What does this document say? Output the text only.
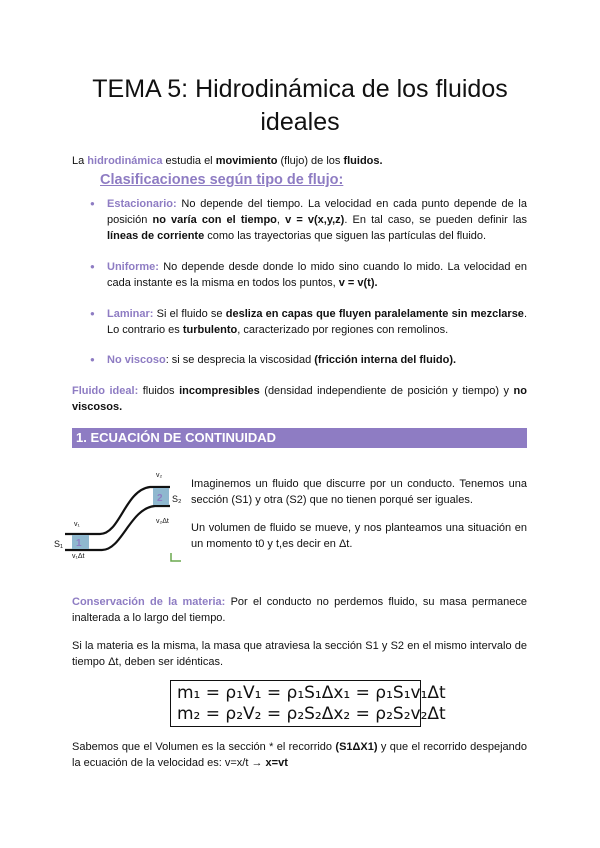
TEMA 5: Hidrodinámica de los fluidos
ideales
La hidrodinámica estudia el movimiento (flujo) de los fluidos.
Clasificaciones según tipo de flujo:
● Estacionario: No depende del tiempo. La velocidad en cada punto depende de la posición no varía con el tiempo, v = v(x,y,z). En tal caso, se pueden definir las líneas de corriente como las trayectorias que siguen las partículas del fluido.
● Uniforme: No depende desde donde lo mido sino cuando lo mido. La velocidad en cada instante es la misma en todos los puntos, v = v(t).
● Laminar: Si el fluido se desliza en capas que fluyen paralelamente sin mezclarse. Lo contrario es turbulento, caracterizado por regiones con remolinos.
● No viscoso: si se desprecia la viscosidad (fricción interna del fluido).
Fluido ideal: fluidos incompresibles (densidad independiente de posición y tiempo) y no viscosos.
1. ECUACIÓN DE CONTINUIDAD
1
2
v₂
S₂
v₂Δt
v₁
S₁
v₁Δt
Imaginemos un fluido que discurre por un conducto. Tenemos una sección (S1) y otra (S2) que no tienen porqué ser iguales.
Un volumen de fluido se mueve, y nos planteamos una situación en un momento t0 y t,es decir en Δt.
Conservación de la materia: Por el conducto no perdemos fluido, su masa permanece inalterada a lo largo del tiempo.
Si la materia es la misma, la masa que atraviesa la sección S1 y S2 en el mismo intervalo de tiempo Δt, deben ser idénticas.
m₁ = ρ₁V₁ = ρ₁S₁Δx₁ = ρ₁S₁v₁Δt
m₂ = ρ₂V₂ = ρ₂S₂Δx₂ = ρ₂S₂v₂Δt
Sabemos que el Volumen es la sección * el recorrido (S1ΔX1) y que el recorrido despejando la ecuación de la velocidad es: v=x/t → x=vt
